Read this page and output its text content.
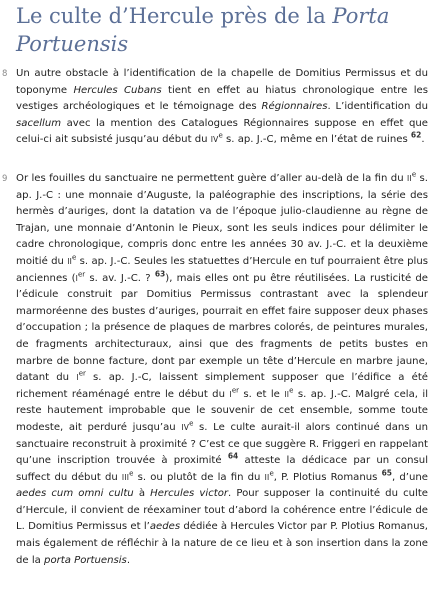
Le culte d’Hercule près de la Porta Portuensis
8 Un autre obstacle à l’identification de la chapelle de Domitius Permissus et du toponyme Hercules Cubans tient en effet au hiatus chronologique entre les vestiges archéologiques et le témoignage des Régionnaires. L’identification du sacellum avec la mention des Catalogues Régionnaires suppose en effet que celui-ci ait subsisté jusqu’au début du IVe s. ap. J.-C, même en l’état de ruines $^{62}$.

9 Or les fouilles du sanctuaire ne permettent guère d’aller au-delà de la fin du IIe s. ap. J.-C : une monnaie d’Auguste, la paléographie des inscriptions, la série des hermès d’auriges, dont la datation va de l’époque julio-claudienne au règne de Trajan, une monnaie d’Antonin le Pieux, sont les seuls indices pour délimiter le cadre chronologique, compris donc entre les années 30 av. J.-C. et la deuxième moitié du IIe s. ap. J.-C. Seules les statuettes d’Hercule en tuf pourraient être plus anciennes (Ier s. av. J.-C. ? $^{63}$), mais elles ont pu être réutilisées. La rusticité de l’édicule construit par Domitius Permissus contrastant avec la splendeur marmoréenne des bustes d’auriges, pourrait en effet faire supposer deux phases d’occupation ; la présence de plaques de marbres colorés, de peintures murales, de fragments architecturaux, ainsi que des fragments de petits bustes en marbre de bonne facture, dont par exemple un tête d’Hercule en marbre jaune, datant du Ier s. ap. J.-C, laissent simplement supposer que l’édifice a été richement réaménagé entre le début du Ier s. et le IIe s. ap. J.-C. Malgré cela, il reste hautement improbable que le souvenir de cet ensemble, somme toute modeste, ait perduré jusqu’au IVe s. Le culte aurait-il alors continué dans un sanctuaire reconstruit à proximité ? C’est ce que suggère R. Friggeri en rappelant qu’une inscription trouvée à proximité $^{64}$ atteste la dédicace par un consul suffect du début du IIIe s. ou plutôt de la fin du IIe, P. Plotius Romanus $^{65}$, d’une aedes cum omni cultu à Hercules victor. Pour supposer la continuité du culte d’Hercule, il convient de réexaminer tout d’abord la cohérence entre l’édicule de L. Domitius Permissus et l’aedes dédiée à Hercules Victor par P. Plotius Romanus, mais également de réfléchir à la nature de ce lieu et à son insertion dans la zone de la porta Portuensis.
